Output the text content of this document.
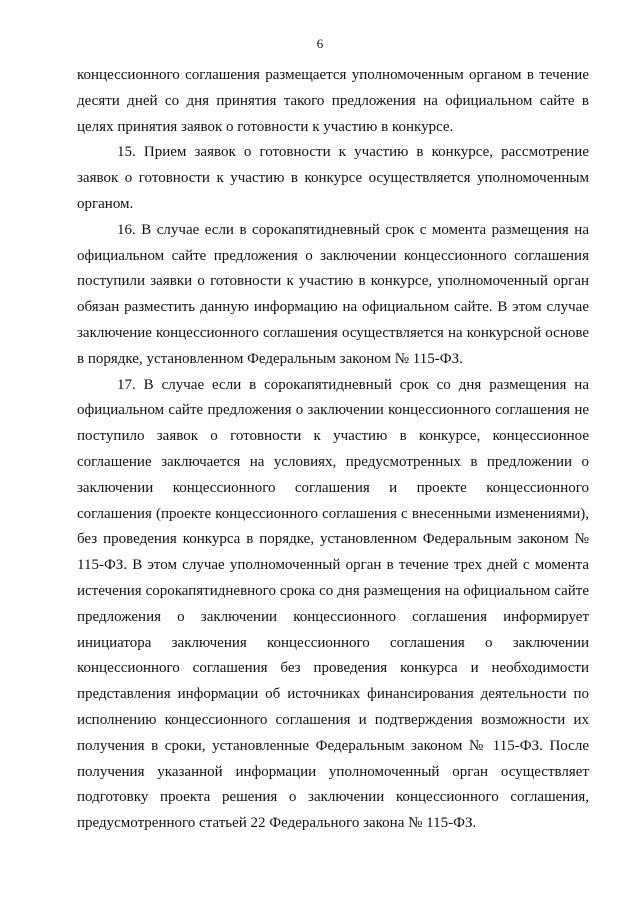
6

концессионного соглашения размещается уполномоченным органом в течение десяти дней со дня принятия такого предложения на официальном сайте в целях принятия заявок о готовности к участию в конкурсе.

15. Прием заявок о готовности к участию в конкурсе, рассмотрение заявок о готовности к участию в конкурсе осуществляется уполномоченным органом.

16. В случае если в сорокапятидневный срок с момента размещения на официальном сайте предложения о заключении концессионного соглашения поступили заявки о готовности к участию в конкурсе, уполномоченный орган обязан разместить данную информацию на официальном сайте. В этом случае заключение концессионного соглашения осуществляется на конкурсной основе в порядке, установленном Федеральным законом № 115-ФЗ.

17. В случае если в сорокапятидневный срок со дня размещения на официальном сайте предложения о заключении концессионного соглашения не поступило заявок о готовности к участию в конкурсе, концессионное соглашение заключается на условиях, предусмотренных в предложении о заключении концессионного соглашения и проекте концессионного соглашения (проекте концессионного соглашения с внесенными изменениями), без проведения конкурса в порядке, установленном Федеральным законом № 115-ФЗ. В этом случае уполномоченный орган в течение трех дней с момента истечения сорокапятидневного срока со дня размещения на официальном сайте предложения о заключении концессионного соглашения информирует инициатора заключения концессионного соглашения о заключении концессионного соглашения без проведения конкурса и необходимости представления информации об источниках финансирования деятельности по исполнению концессионного соглашения и подтверждения возможности их получения в сроки, установленные Федеральным законом № 115-ФЗ. После получения указанной информации уполномоченный орган осуществляет подготовку проекта решения о заключении концессионного соглашения, предусмотренного статьей 22 Федерального закона № 115-ФЗ.
